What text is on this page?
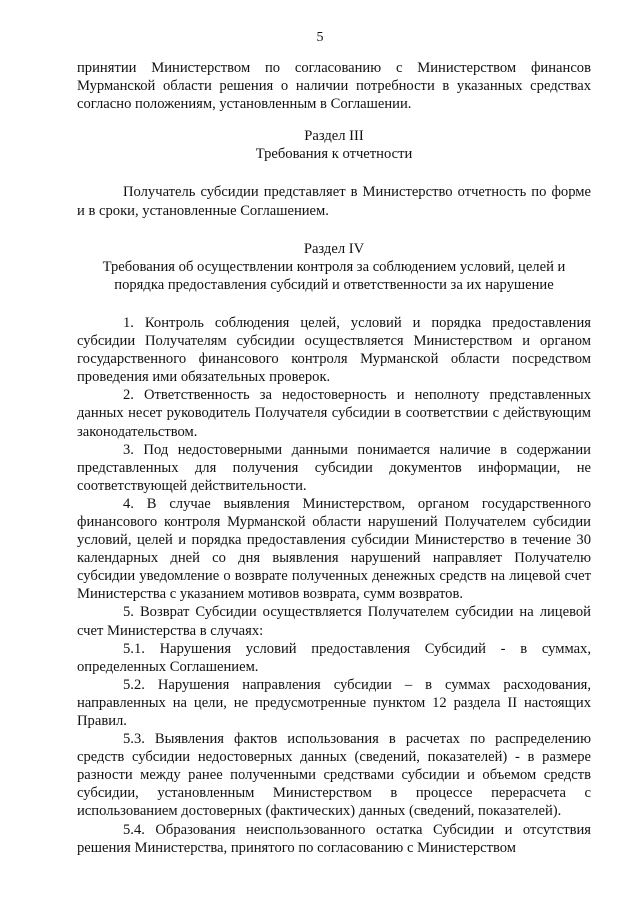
5

принятии Министерством по согласованию с Министерством финансов Мурманской области решения о наличии потребности в указанных средствах согласно положениям, установленным в Соглашении.

Раздел III

Требования к отчетности

Получатель субсидии представляет в Министерство отчетность по форме и в сроки, установленные Соглашением.

Раздел IV

Требования об осуществлении контроля за соблюдением условий, целей и порядка предоставления субсидий и ответственности за их нарушение

1. Контроль соблюдения целей, условий и порядка предоставления субсидии Получателям субсидии осуществляется Министерством и органом государственного финансового контроля Мурманской области посредством проведения ими обязательных проверок.

2. Ответственность за недостоверность и неполноту представленных данных несет руководитель Получателя субсидии в соответствии с действующим законодательством.

3. Под недостоверными данными понимается наличие в содержании представленных для получения субсидии документов информации, не соответствующей действительности.

4. В случае выявления Министерством, органом государственного финансового контроля Мурманской области нарушений Получателем субсидии условий, целей и порядка предоставления субсидии Министерство в течение 30 календарных дней со дня выявления нарушений направляет Получателю субсидии уведомление о возврате полученных денежных средств на лицевой счет Министерства с указанием мотивов возврата, сумм возвратов.

5. Возврат Субсидии осуществляется Получателем субсидии на лицевой счет Министерства в случаях:

5.1. Нарушения условий предоставления Субсидий - в суммах, определенных Соглашением.

5.2. Нарушения направления субсидии – в суммах расходования, направленных на цели, не предусмотренные пунктом 12 раздела II настоящих Правил.

5.3. Выявления фактов использования в расчетах по распределению средств субсидии недостоверных данных (сведений, показателей) - в размере разности между ранее полученными средствами субсидии и объемом средств субсидии, установленным Министерством в процессе перерасчета с использованием достоверных (фактических) данных (сведений, показателей).

5.4. Образования неиспользованного остатка Субсидии и отсутствия решения Министерства, принятого по согласованию с Министерством
